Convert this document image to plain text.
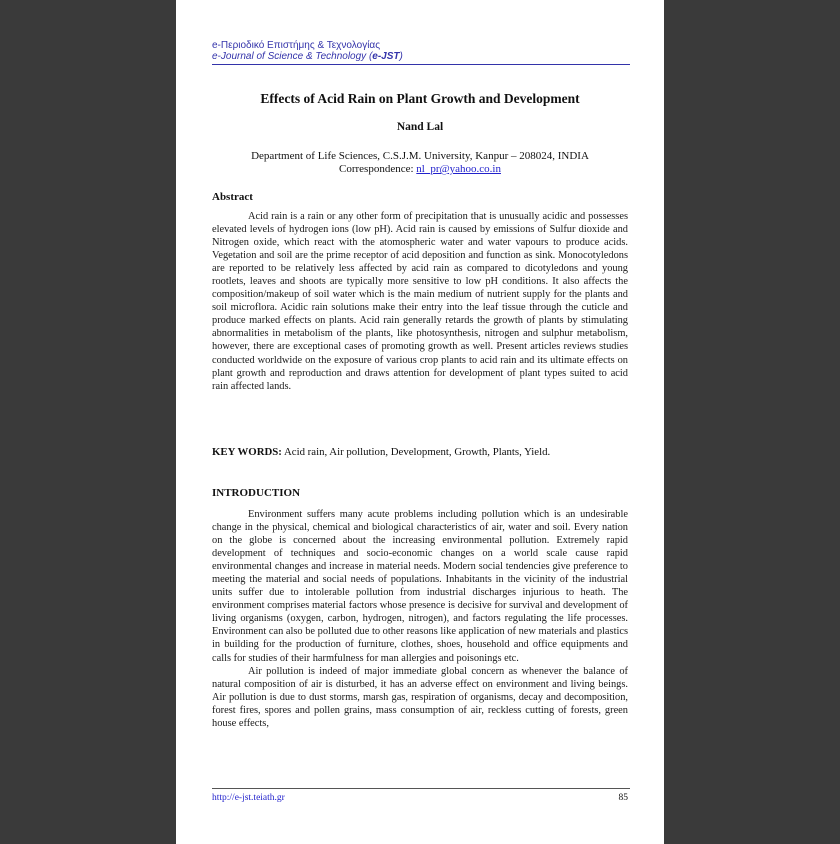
e-Περιοδικό Επιστήμης & Τεχνολογίας
e-Journal of Science & Technology (e-JST)
Effects of Acid Rain on Plant Growth and Development
Nand Lal
Department of Life Sciences, C.S.J.M. University, Kanpur – 208024, INDIA
Correspondence: nl_pr@yahoo.co.in
Abstract

Acid rain is a rain or any other form of precipitation that is unusually acidic and possesses elevated levels of hydrogen ions (low pH). Acid rain is caused by emissions of Sulfur dioxide and Nitrogen oxide, which react with the atomospheric water and water vapours to produce acids. Vegetation and soil are the prime receptor of acid deposition and function as sink. Monocotyledons are reported to be relatively less affected by acid rain as compared to dicotyledons and young rootlets, leaves and shoots are typically more sensitive to low pH conditions. It also affects the composition/makeup of soil water which is the main medium of nutrient supply for the plants and soil microflora. Acidic rain solutions make their entry into the leaf tissue through the cuticle and produce marked effects on plants. Acid rain generally retards the growth of plants by stimulating abnormalities in metabolism of the plants, like photosynthesis, nitrogen and sulphur metabolism, however, there are exceptional cases of promoting growth as well. Present articles reviews studies conducted worldwide on the exposure of various crop plants to acid rain and its ultimate effects on plant growth and reproduction and draws attention for development of plant types suited to acid rain affected lands.

KEY WORDS: Acid rain, Air pollution, Development, Growth, Plants, Yield.
INTRODUCTION

Environment suffers many acute problems including pollution which is an undesirable change in the physical, chemical and biological characteristics of air, water and soil. Every nation on the globe is concerned about the increasing environmental pollution. Extremely rapid development of techniques and socio-economic changes on a world scale cause rapid environmental changes and increase in material needs. Modern social tendencies give preference to meeting the material and social needs of populations. Inhabitants in the vicinity of the industrial units suffer due to intolerable pollution from industrial discharges injurious to heath. The environment comprises material factors whose presence is decisive for survival and development of living organisms (oxygen, carbon, hydrogen, nitrogen), and factors regulating the life processes. Environment can also be polluted due to other reasons like application of new materials and plastics in building for the production of furniture, clothes, shoes, household and office equipments and calls for studies of their harmfulness for man allergies and poisonings etc.

Air pollution is indeed of major immediate global concern as whenever the balance of natural composition of air is disturbed, it has an adverse effect on environment and living beings. Air pollution is due to dust storms, marsh gas, respiration of organisms, decay and decomposition, forest fires, spores and pollen grains, mass consumption of air, reckless cutting of forests, green house effects,

http://e-jst.teiath.gr	85
